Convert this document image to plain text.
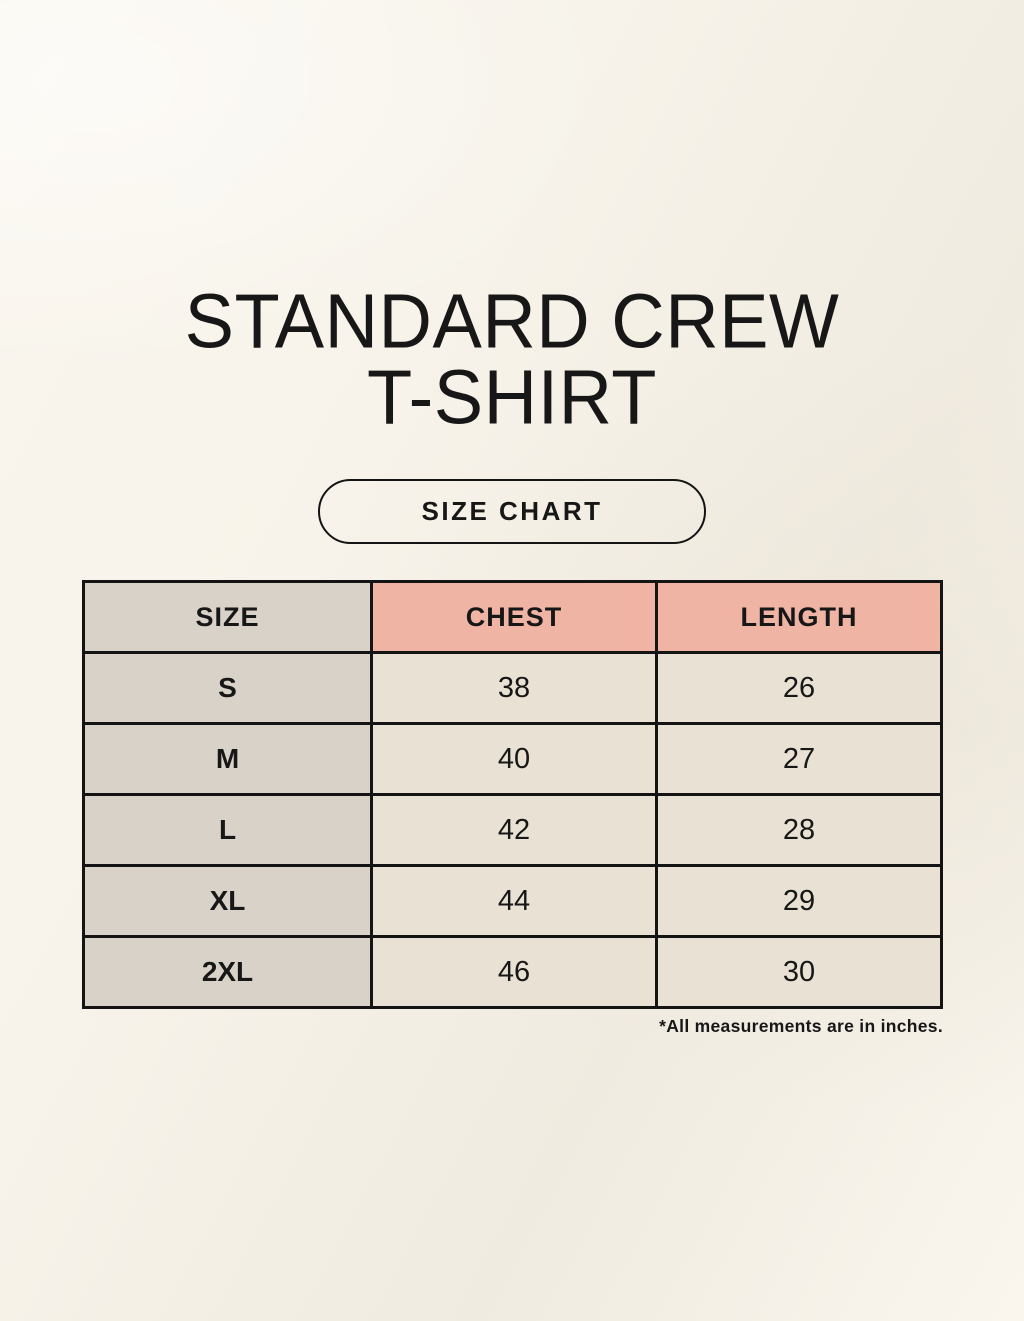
STANDARD CREW
T-SHIRT
SIZE CHART
SIZE	CHEST	LENGTH
S	38	26
M	40	27
L	42	28
XL	44	29
2XL	46	30
*All measurements are in inches.
